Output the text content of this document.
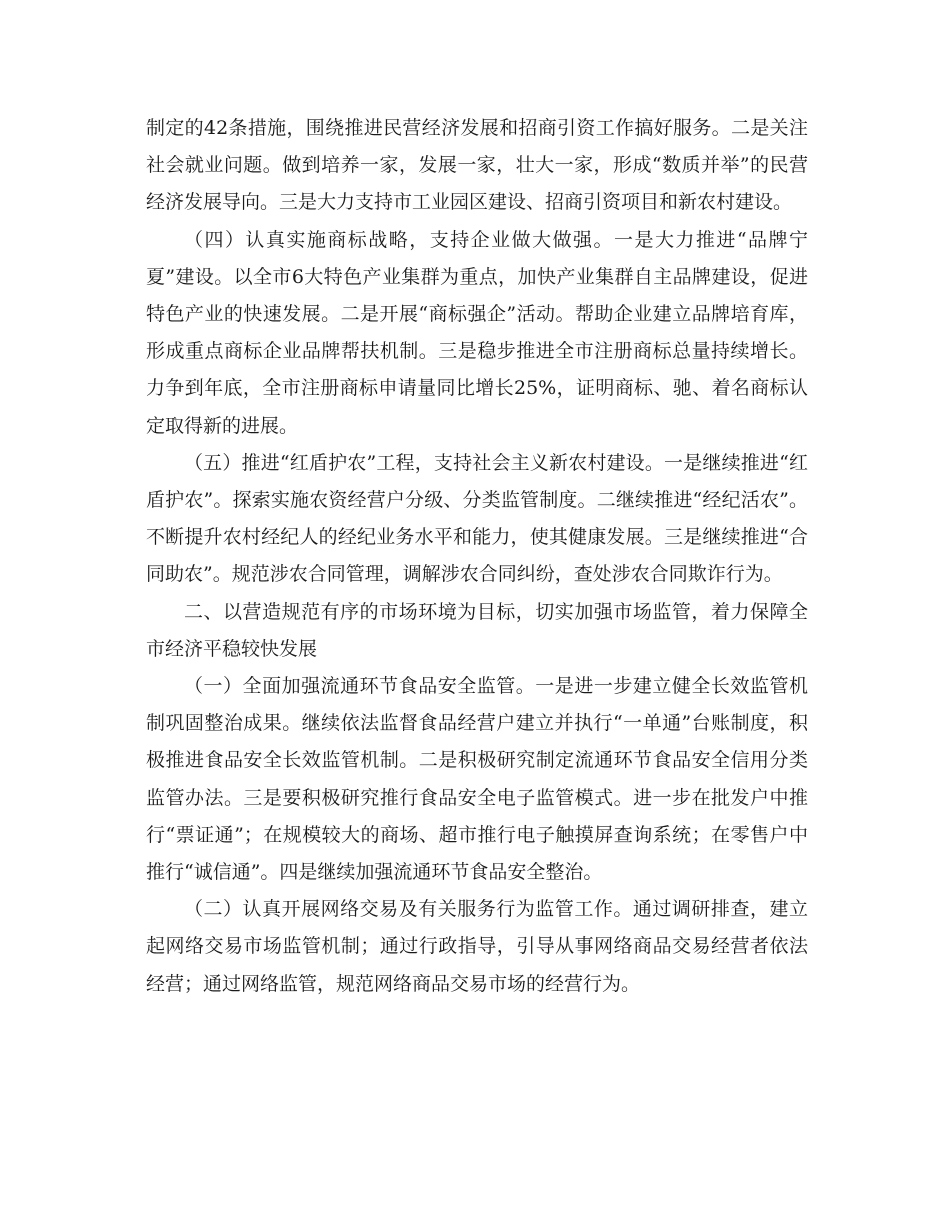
制定的42条措施，围绕推进民营经济发展和招商引资工作搞好服务。二是关注社会就业问题。做到培养一家，发展一家，壮大一家，形成“数质并举”的民营经济发展导向。三是大力支持市工业园区建设、招商引资项目和新农村建设。

（四）认真实施商标战略，支持企业做大做强。一是大力推进“品牌宁夏”建设。以全市6大特色产业集群为重点，加快产业集群自主品牌建设，促进特色产业的快速发展。二是开展“商标强企”活动。帮助企业建立品牌培育库，形成重点商标企业品牌帮扶机制。三是稳步推进全市注册商标总量持续增长。力争到年底，全市注册商标申请量同比增长25%，证明商标、驰、着名商标认定取得新的进展。

（五）推进“红盾护农”工程，支持社会主义新农村建设。一是继续推进“红盾护农”。探索实施农资经营户分级、分类监管制度。二继续推进“经纪活农”。不断提升农村经纪人的经纪业务水平和能力，使其健康发展。三是继续推进“合同助农”。规范涉农合同管理，调解涉农合同纠纷，查处涉农合同欺诈行为。

二、以营造规范有序的市场环境为目标，切实加强市场监管，着力保障全市经济平稳较快发展

（一）全面加强流通环节食品安全监管。一是进一步建立健全长效监管机制巩固整治成果。继续依法监督食品经营户建立并执行“一单通”台账制度，积极推进食品安全长效监管机制。二是积极研究制定流通环节食品安全信用分类监管办法。三是要积极研究推行食品安全电子监管模式。进一步在批发户中推行“票证通”；在规模较大的商场、超市推行电子触摸屏查询系统；在零售户中推行“诚信通”。四是继续加强流通环节食品安全整治。

（二）认真开展网络交易及有关服务行为监管工作。通过调研排查，建立起网络交易市场监管机制；通过行政指导，引导从事网络商品交易经营者依法经营；通过网络监管，规范网络商品交易市场的经营行为。
